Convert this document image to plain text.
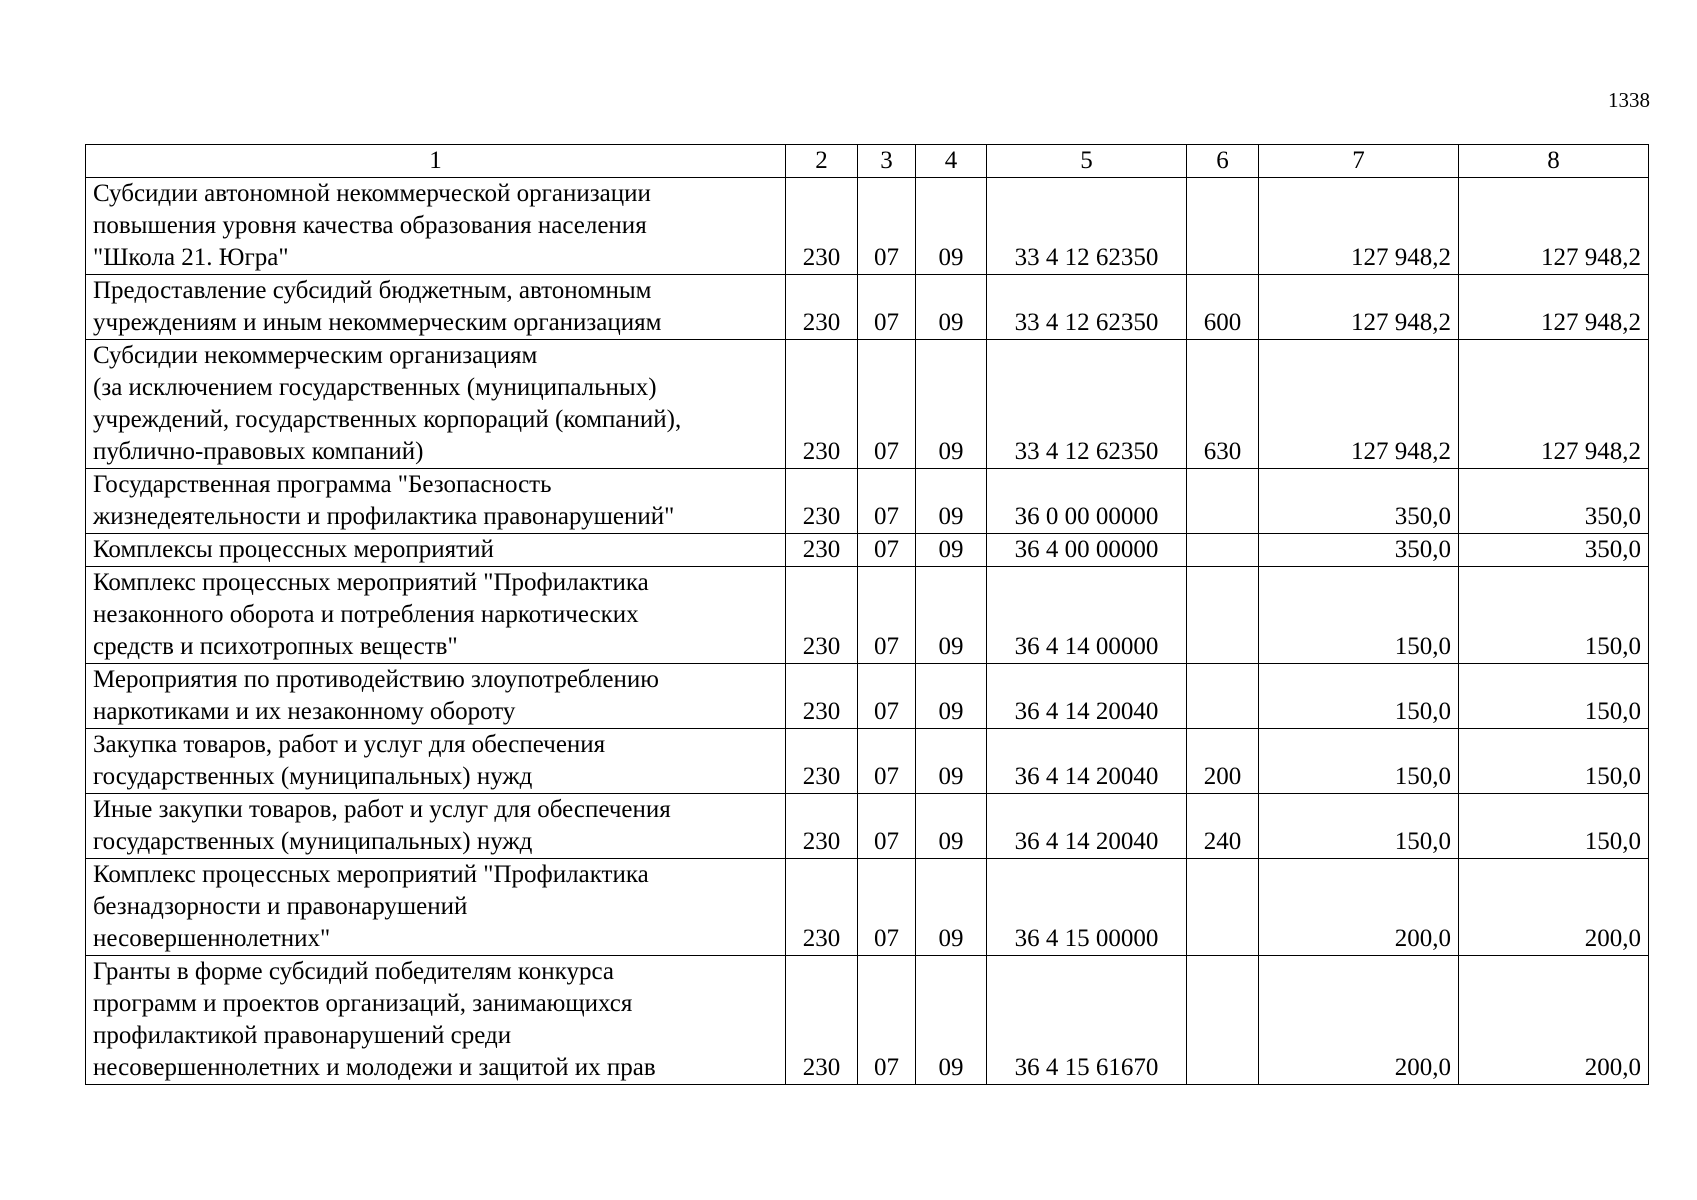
1338
1	2	3	4	5	6	7	8

Субсидии автономной некоммерческой организации
повышения уровня качества образования населения
"Школа 21. Югра"	230	07	09	33 4 12 62350		127 948,2	127 948,2

Предоставление субсидий бюджетным, автономным
учреждениям и иным некоммерческим организациям	230	07	09	33 4 12 62350	600	127 948,2	127 948,2

Субсидии некоммерческим организациям
(за исключением государственных (муниципальных)
учреждений, государственных корпораций (компаний),
публично-правовых компаний)	230	07	09	33 4 12 62350	630	127 948,2	127 948,2

Государственная программа "Безопасность
жизнедеятельности и профилактика правонарушений"	230	07	09	36 0 00 00000		350,0	350,0

Комплексы процессных мероприятий	230	07	09	36 4 00 00000		350,0	350,0

Комплекс процессных мероприятий "Профилактика
незаконного оборота и потребления наркотических
средств и психотропных веществ"	230	07	09	36 4 14 00000		150,0	150,0

Мероприятия по противодействию злоупотреблению
наркотиками и их незаконному обороту	230	07	09	36 4 14 20040		150,0	150,0

Закупка товаров, работ и услуг для обеспечения
государственных (муниципальных) нужд	230	07	09	36 4 14 20040	200	150,0	150,0

Иные закупки товаров, работ и услуг для обеспечения
государственных (муниципальных) нужд	230	07	09	36 4 14 20040	240	150,0	150,0

Комплекс процессных мероприятий "Профилактика
безнадзорности и правонарушений
несовершеннолетних"	230	07	09	36 4 15 00000		200,0	200,0

Гранты в форме субсидий победителям конкурса
программ и проектов организаций, занимающихся
профилактикой правонарушений среди
несовершеннолетних и молодежи и защитой их прав	230	07	09	36 4 15 61670		200,0	200,0
